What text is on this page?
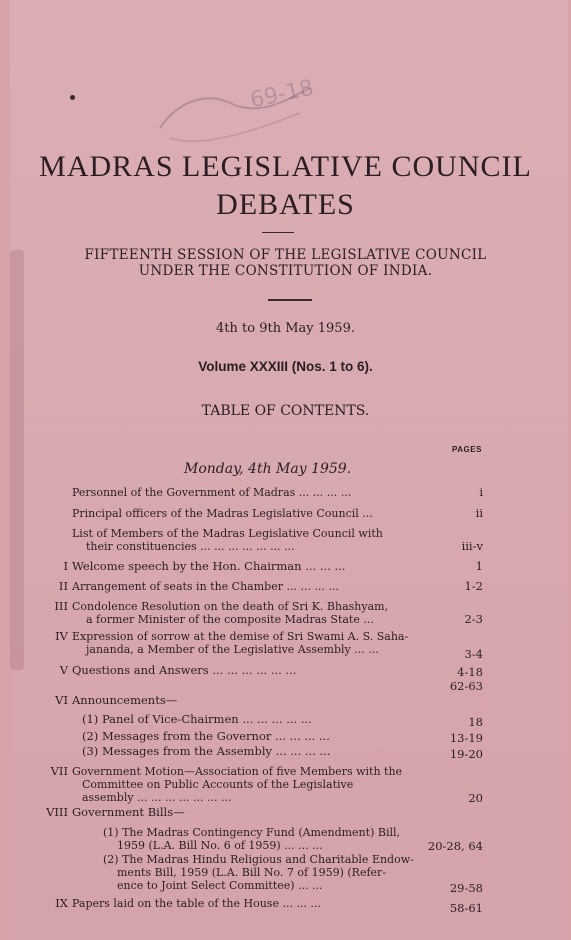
69-18
MADRAS LEGISLATIVE COUNCIL
DEBATES
FIFTEENTH SESSION OF THE LEGISLATIVE COUNCIL
UNDER THE CONSTITUTION OF INDIA.
4th to 9th May 1959.
Volume XXXIII (Nos. 1 to 6).
TABLE OF CONTENTS.
PAGES
Monday, 4th May 1959.
Personnel of the Government of Madras ... ... ... ...	i
Principal officers of the Madras Legislative Council ...	ii
List of Members of the Madras Legislative Council with
their constituencies ... ... ... ... ... ... ...	iii-v
I Welcome speech by the Hon. Chairman ... ... ...	1
II Arrangement of seats in the Chamber ... ... ... ...	1-2
III Condolence Resolution on the death of Sri K. Bhashyam,
a former Minister of the composite Madras State ...	2-3
IV Expression of sorrow at the demise of Sri Swami A. S. Saha-
jananda, a Member of the Legislative Assembly ... ...	3-4
V Questions and Answers ... ... ... ... ... ...	4-18
62-63
VI Announcements—
(1) Panel of Vice-Chairmen ... ... ... ... ...	18
(2) Messages from the Governor ... ... ... ...	13-19
(3) Messages from the Assembly ... ... ... ...	19-20
VII Government Motion—Association of five Members with the
Committee on Public Accounts of the Legislative
assembly ... ... ... ... ... ... ...	20
VIII Government Bills—
(1) The Madras Contingency Fund (Amendment) Bill,
1959 (L.A. Bill No. 6 of 1959) ... ... ...	20-28, 64
(2) The Madras Hindu Religious and Charitable Endow-
ments Bill, 1959 (L.A. Bill No. 7 of 1959) (Refer-
ence to Joint Select Committee) ... ...	29-58
IX Papers laid on the table of the House ... ... ...	58-61
